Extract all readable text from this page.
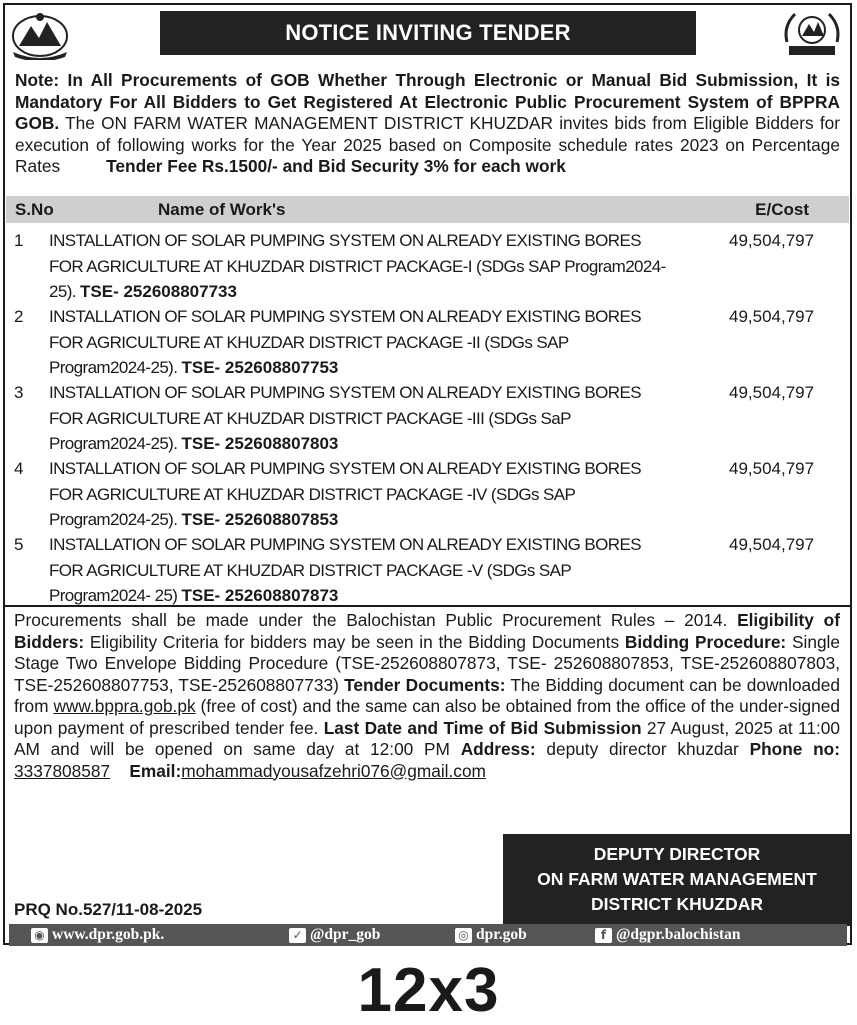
NOTICE INVITING TENDER
Note: In All Procurements of GOB Whether Through Electronic or Manual Bid Submission, It is Mandatory For All Bidders to Get Registered At Electronic Public Procurement System of BPPRA GOB. The ON FARM WATER MANAGEMENT DISTRICT KHUZDAR invites bids from Eligible Bidders for execution of following works for the Year 2025 based on Composite schedule rates 2023 on Percentage Rates	Tender Fee Rs.1500/- and Bid Security 3% for each work
S.No	Name of Work's	E/Cost
1 INSTALLATION OF SOLAR PUMPING SYSTEM ON ALREADY EXISTING BORES FOR AGRICULTURE AT KHUZDAR DISTRICT PACKAGE-I (SDGs SAP Program2024-25). TSE- 252608807733
49,504,797
2 INSTALLATION OF SOLAR PUMPING SYSTEM ON ALREADY EXISTING BORES FOR AGRICULTURE AT KHUZDAR DISTRICT PACKAGE -II (SDGs SAP Program2024-25). TSE- 252608807753
49,504,797
3 INSTALLATION OF SOLAR PUMPING SYSTEM ON ALREADY EXISTING BORES FOR AGRICULTURE AT KHUZDAR DISTRICT PACKAGE -III (SDGs SaP Program2024-25). TSE- 252608807803
49,504,797
4 INSTALLATION OF SOLAR PUMPING SYSTEM ON ALREADY EXISTING BORES FOR AGRICULTURE AT KHUZDAR DISTRICT PACKAGE -IV (SDGs SAP Program2024-25). TSE- 252608807853
49,504,797
5 INSTALLATION OF SOLAR PUMPING SYSTEM ON ALREADY EXISTING BORES FOR AGRICULTURE AT KHUZDAR DISTRICT PACKAGE -V (SDGs SAP Program2024- 25) TSE- 252608807873
49,504,797
Procurements shall be made under the Balochistan Public Procurement Rules – 2014. Eligibility of Bidders: Eligibility Criteria for bidders may be seen in the Bidding Documents Bidding Procedure: Single Stage Two Envelope Bidding Procedure (TSE-252608807873, TSE- 252608807853, TSE-252608807803, TSE-252608807753, TSE-252608807733) Tender Documents: The Bidding document can be downloaded from www.bppra.gob.pk (free of cost) and the same can also be obtained from the office of the under-signed upon payment of prescribed tender fee. Last Date and Time of Bid Submission 27 August, 2025 at 11:00 AM and will be opened on same day at 12:00 PM Address: deputy director khuzdar Phone no: 3337808587 Email:mohammadyousafzehri076@gmail.com
DEPUTY DIRECTOR
ON FARM WATER MANAGEMENT
DISTRICT KHUZDAR
PRQ No.527/11-08-2025
◉ www.dpr.gob.pk.	✓ @dpr_gob	◎ dpr.gob	f @dgpr.balochistan
12x3
